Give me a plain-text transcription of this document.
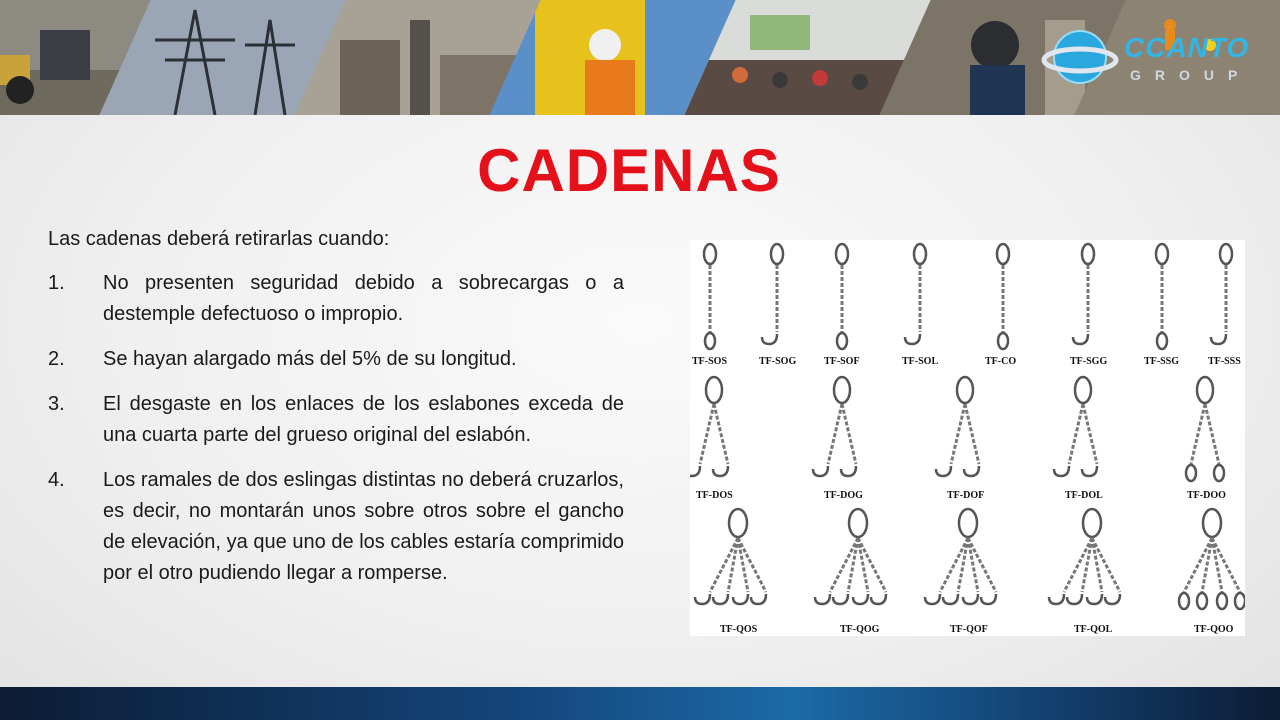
CCANTO
GROUP
CADENAS
Las cadenas deberá retirarlas cuando:
1. No presenten seguridad debido a sobrecargas o a destemple defectuoso o impropio.
2. Se hayan alargado más del 5% de su longitud.
3. El desgaste en los enlaces de los eslabones exceda de una cuarta parte del grueso original del eslabón.
4. Los ramales de dos eslingas distintas no deberá cruzarlos, es decir, no montarán unos sobre otros sobre el gancho de elevación, ya que uno de los cables estaría comprimido por el otro pudiendo llegar a romperse.
TF-SOS	TF-SOG	TF-SOF	TF-SOL	TF-CO	TF-SGG	TF-SSG	TF-SSS
TF-DOS	TF-DOG	TF-DOF	TF-DOL	TF-DOO
TF-QOS	TF-QOG	TF-QOF	TF-QOL	TF-QOO
